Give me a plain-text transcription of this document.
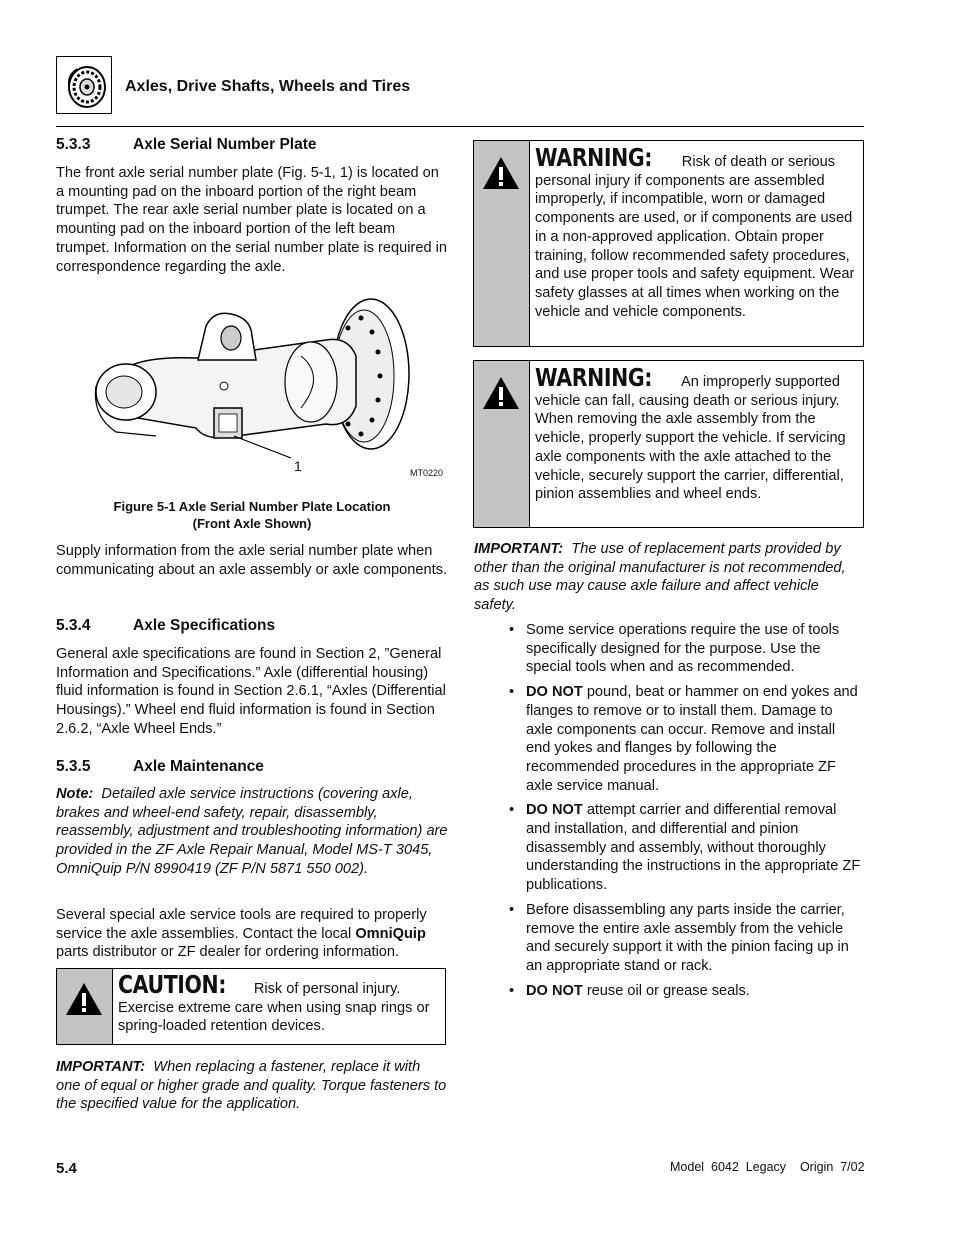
Axles, Drive Shafts, Wheels and Tires
5.3.3	Axle Serial Number Plate

The front axle serial number plate (Fig. 5-1, 1) is located on a mounting pad on the inboard portion of the right beam trumpet. The rear axle serial number plate is located on a mounting pad on the inboard portion of the left beam trumpet. Information on the serial number plate is required in correspondence regarding the axle.

1	MT0220
Figure 5-1 Axle Serial Number Plate Location
(Front Axle Shown)

Supply information from the axle serial number plate when communicating about an axle assembly or axle components.

5.3.4	Axle Specifications

General axle specifications are found in Section 2, ”General Information and Specifications.” Axle (differential housing) fluid information is found in Section 2.6.1, “Axles (Differential Housings).” Wheel end fluid information is found in Section 2.6.2, “Axle Wheel Ends.”

5.3.5	Axle Maintenance

Note: Detailed axle service instructions (covering axle, brakes and wheel-end safety, repair, disassembly, reassembly, adjustment and troubleshooting information) are provided in the ZF Axle Repair Manual, Model MS-T 3045, OmniQuip P/N 8990419 (ZF P/N 5871 550 002).

Several special axle service tools are required to properly service the axle assemblies. Contact the local OmniQuip parts distributor or ZF dealer for ordering information.

CAUTION: Risk of personal injury. Exercise extreme care when using snap rings or spring-loaded retention devices.

IMPORTANT: When replacing a fastener, replace it with one of equal or higher grade and quality. Torque fasteners to the specified value for the application.

WARNING: Risk of death or serious personal injury if components are assembled improperly, if incompatible, worn or damaged components are used, or if components are used in a non-approved application. Obtain proper training, follow recommended safety procedures, and use proper tools and safety equipment. Wear safety glasses at all times when working on the vehicle and vehicle components.
WARNING: An improperly supported vehicle can fall, causing death or serious injury. When removing the axle assembly from the vehicle, properly support the vehicle. If servicing axle components with the axle attached to the vehicle, securely support the carrier, differential, pinion assemblies and wheel ends.

IMPORTANT: The use of replacement parts provided by other than the original manufacturer is not recommended, as such use may cause axle failure and affect vehicle safety.

• Some service operations require the use of tools specifically designed for the purpose. Use the special tools when and as recommended.
• DO NOT pound, beat or hammer on end yokes and flanges to remove or to install them. Damage to axle components can occur. Remove and install end yokes and flanges by following the recommended procedures in the appropriate ZF axle service manual.
• DO NOT attempt carrier and differential removal and installation, and differential and pinion disassembly and assembly, without thoroughly understanding the instructions in the appropriate ZF publications.
• Before disassembling any parts inside the carrier, remove the entire axle assembly from the vehicle and securely support it with the pinion facing up in an appropriate stand or rack.
• DO NOT reuse oil or grease seals.
5.4	Model  6042  Legacy    Origin  7/02
